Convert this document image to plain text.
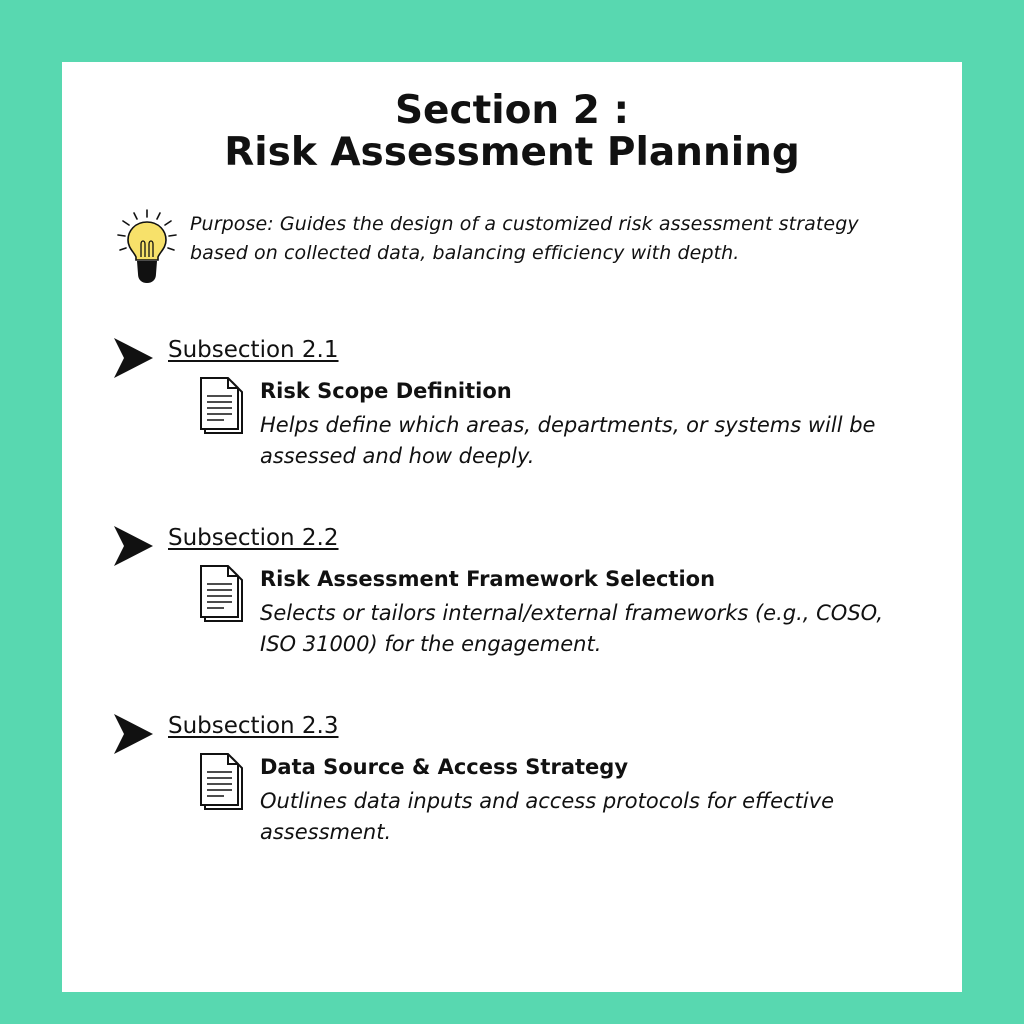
Section 2 :
Risk Assessment Planning
Purpose: Guides the design of a customized risk assessment strategy
based on collected data, balancing efficiency with depth.
Subsection 2.1
Risk Scope Definition
Helps define which areas, departments, or systems will be assessed and how deeply.
Subsection 2.2
Risk Assessment Framework Selection
Selects or tailors internal/external frameworks (e.g., COSO, ISO 31000) for the engagement.
Subsection 2.3
Data Source & Access Strategy
Outlines data inputs and access protocols for effective assessment.
